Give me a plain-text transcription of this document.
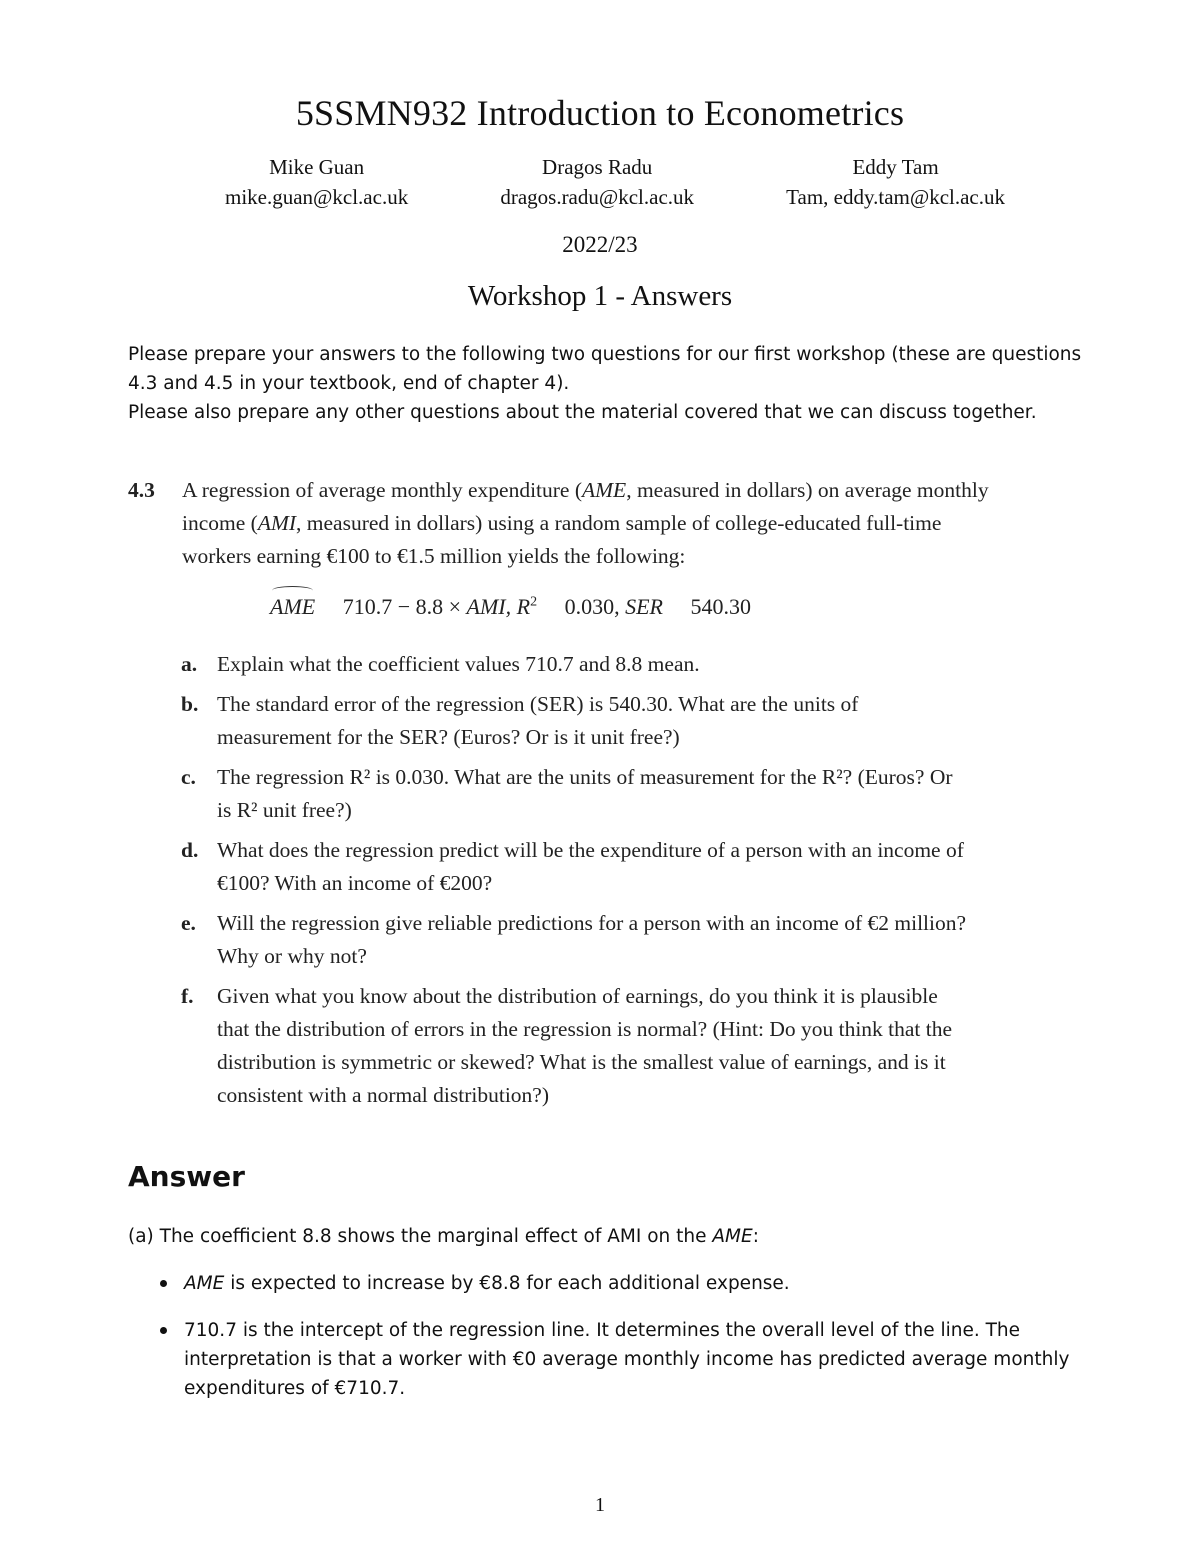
5SSMN932 Introduction to Econometrics
Mike Guan
mike.guan@kcl.ac.uk
Dragos Radu
dragos.radu@kcl.ac.uk
Eddy Tam
Tam, eddy.tam@kcl.ac.uk
2022/23
Workshop 1 - Answers

Please prepare your answers to the following two questions for our first workshop (these are questions 4.3 and 4.5 in your textbook, end of chapter 4).

Please also prepare any other questions about the material covered that we can discuss together.

4.3 A regression of average monthly expenditure (AME, measured in dollars) on average monthly income (AMI, measured in dollars) using a random sample of college-educated full-time workers earning €100 to €1.5 million yields the following:
AME     710.7 − 8.8 × AMI, $R^2$     0.030, SER     540.30
a. Explain what the coefficient values 710.7 and 8.8 mean.
b. The standard error of the regression (SER) is 540.30. What are the units of measurement for the SER? (Euros? Or is it unit free?)
c. The regression R² is 0.030. What are the units of measurement for the R²? (Euros? Or is R² unit free?)
d. What does the regression predict will be the expenditure of a person with an income of €100? With an income of €200?
e. Will the regression give reliable predictions for a person with an income of €2 million? Why or why not?
f. Given what you know about the distribution of earnings, do you think it is plausible that the distribution of errors in the regression is normal? (Hint: Do you think that the distribution is symmetric or skewed? What is the smallest value of earnings, and is it consistent with a normal distribution?)
Answer

(a) The coefficient 8.8 shows the marginal effect of AMI on the AME:

AME is expected to increase by €8.8 for each additional expense.
710.7 is the intercept of the regression line. It determines the overall level of the line. The interpretation is that a worker with €0 average monthly income has predicted average monthly expenditures of €710.7.
1
